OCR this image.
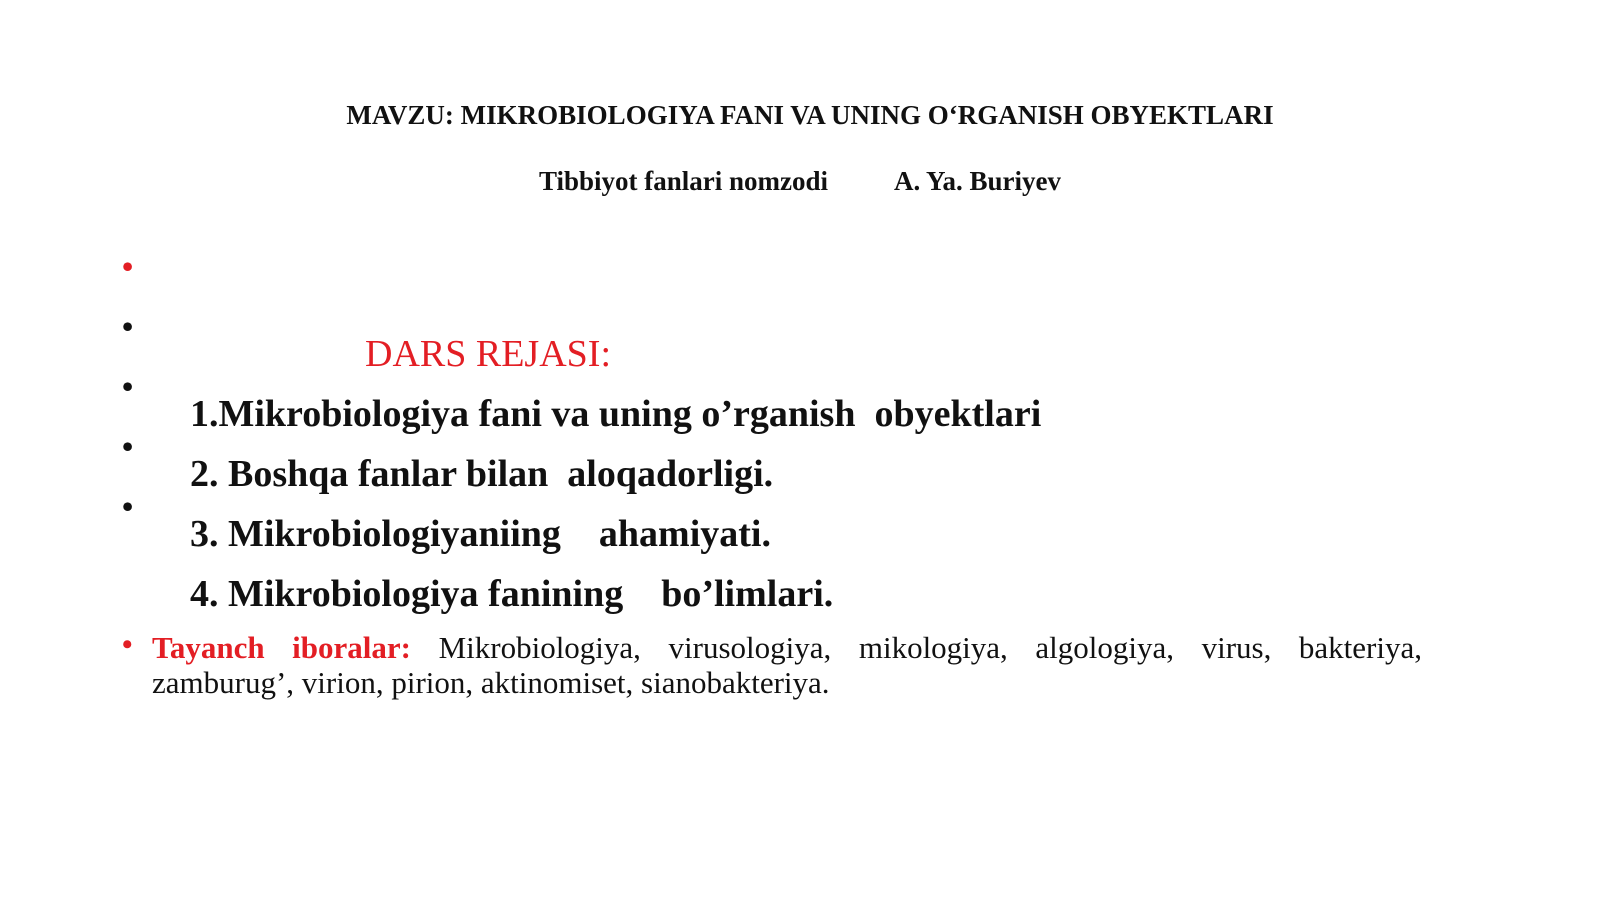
MAVZU: MIKROBIOLOGIYA FANI VA UNING O‘RGANISH OBYEKTLARI
Tibbiyot fanlari nomzodi A. Ya. Buriyev

•

DARS REJASI:

•

1.Mikrobiologiya fani va uning o’rganish  obyektlari

•

2. Boshqa fanlar bilan  aloqadorligi.

•

3. Mikrobiologiyaniing    ahamiyati.

•

4. Mikrobiologiya fanining    bo’limlari.

• Tayanch iboralar: Mikrobiologiya, virusologiya, mikologiya, algologiya, virus, bakteriya, zamburug’, virion, pirion, aktinomiset, sianobakteriya.
